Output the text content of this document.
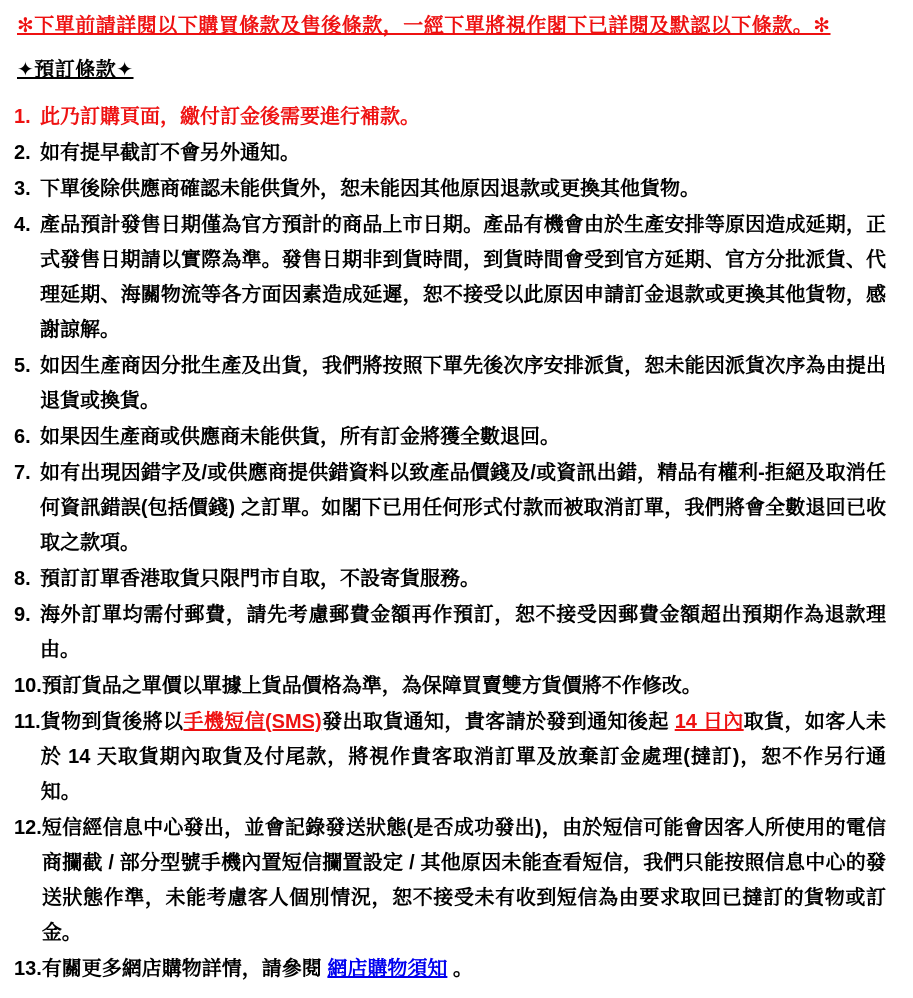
✻下單前請詳閱以下購買條款及售後條款，一經下單將視作閣下已詳閱及默認以下條款。✻
✦預訂條款✦
1. 此乃訂購頁面，繳付訂金後需要進行補款。
2. 如有提早截訂不會另外通知。
3. 下單後除供應商確認未能供貨外，恕未能因其他原因退款或更換其他貨物。
4. 產品預計發售日期僅為官方預計的商品上市日期。產品有機會由於生產安排等原因造成延期，正式發售日期請以實際為準。發售日期非到貨時間，到貨時間會受到官方延期、官方分批派貨、代理延期、海關物流等各方面因素造成延遲，恕不接受以此原因申請訂金退款或更換其他貨物，感謝諒解。
5. 如因生產商因分批生產及出貨，我們將按照下單先後次序安排派貨，恕未能因派貨次序為由提出退貨或換貨。
6. 如果因生產商或供應商未能供貨，所有訂金將獲全數退回。
7. 如有出現因錯字及/或供應商提供錯資料以致產品價錢及/或資訊出錯，精品有權利-拒絕及取消任何資訊錯誤(包括價錢) 之訂單。如閣下已用任何形式付款而被取消訂單，我們將會全數退回已收取之款項。
8. 預訂訂單香港取貨只限門市自取，不設寄貨服務。
9. 海外訂單均需付郵費，請先考慮郵費金額再作預訂，恕不接受因郵費金額超出預期作為退款理由。
10. 預訂貨品之單價以單據上貨品價格為準，為保障買賣雙方貨價將不作修改。
11. 貨物到貨後將以手機短信(SMS)發出取貨通知，貴客請於發到通知後起 14 日內取貨，如客人未於 14 天取貨期內取貨及付尾款，將視作貴客取消訂單及放棄訂金處理(撻訂)，恕不作另行通知。
12. 短信經信息中心發出，並會記錄發送狀態(是否成功發出)，由於短信可能會因客人所使用的電信商攔截 / 部分型號手機內置短信攔置設定 / 其他原因未能查看短信，我們只能按照信息中心的發送狀態作準，未能考慮客人個別情況，恕不接受未有收到短信為由要求取回已撻訂的貨物或訂金。
13. 有關更多網店購物詳情，請參閱 網店購物須知 。
